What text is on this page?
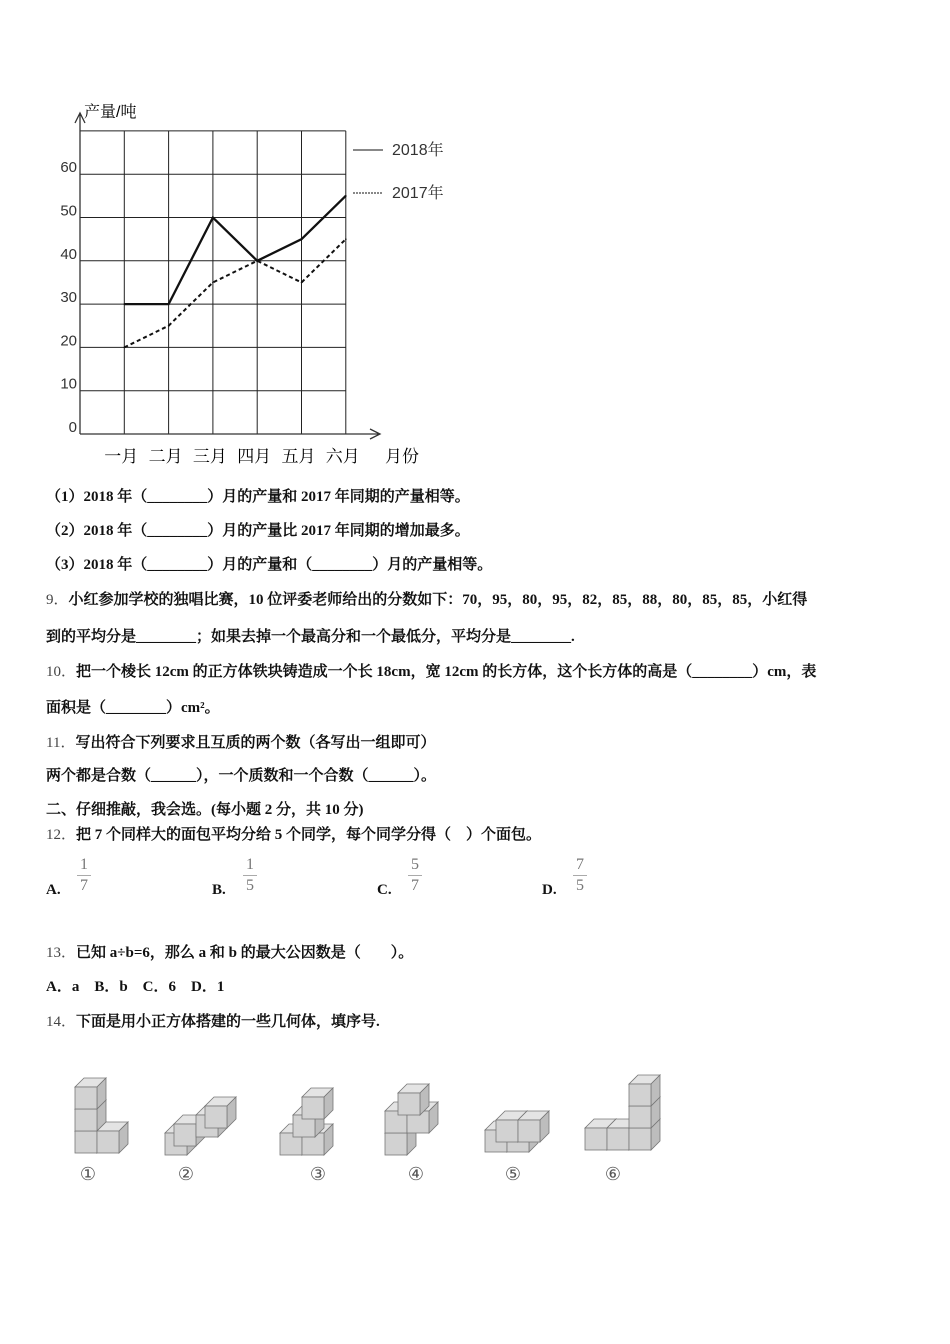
产量/吨
0
10
20
30
40
50
60
一月 二月 三月 四月 五月 六月 月份
2018年
2017年
（1）2018 年（________）月的产量和 2017 年同期的产量相等。
（2）2018 年（________）月的产量比 2017 年同期的增加最多。
（3）2018 年（________）月的产量和（________）月的产量相等。
9．小红参加学校的独唱比赛，10 位评委老师给出的分数如下：70，95，80，95，82，85，88，80，85，85，小红得
到的平均分是________；如果去掉一个最高分和一个最低分，平均分是________.
10．把一个棱长 12cm 的正方体铁块铸造成一个长 18cm，宽 12cm 的长方体，这个长方体的高是（________）cm，表
面积是（________）cm²。
11．写出符合下列要求且互质的两个数（各写出一组即可）
两个都是合数（______），一个质数和一个合数（______）。
二、仔细推敲，我会选。(每小题 2 分，共 10 分)
12．把 7 个同样大的面包平均分给 5 个同学，每个同学分得（　）个面包。
A.
1
7	B.
1
5	C.
5
7	D.
7
5
13．已知 a÷b=6，那么 a 和 b 的最大公因数是（　　）。
A．a　B．b　C．6　D．1
14．下面是用小正方体搭建的一些几何体，填序号.
①	②	③	④	⑤	⑥
